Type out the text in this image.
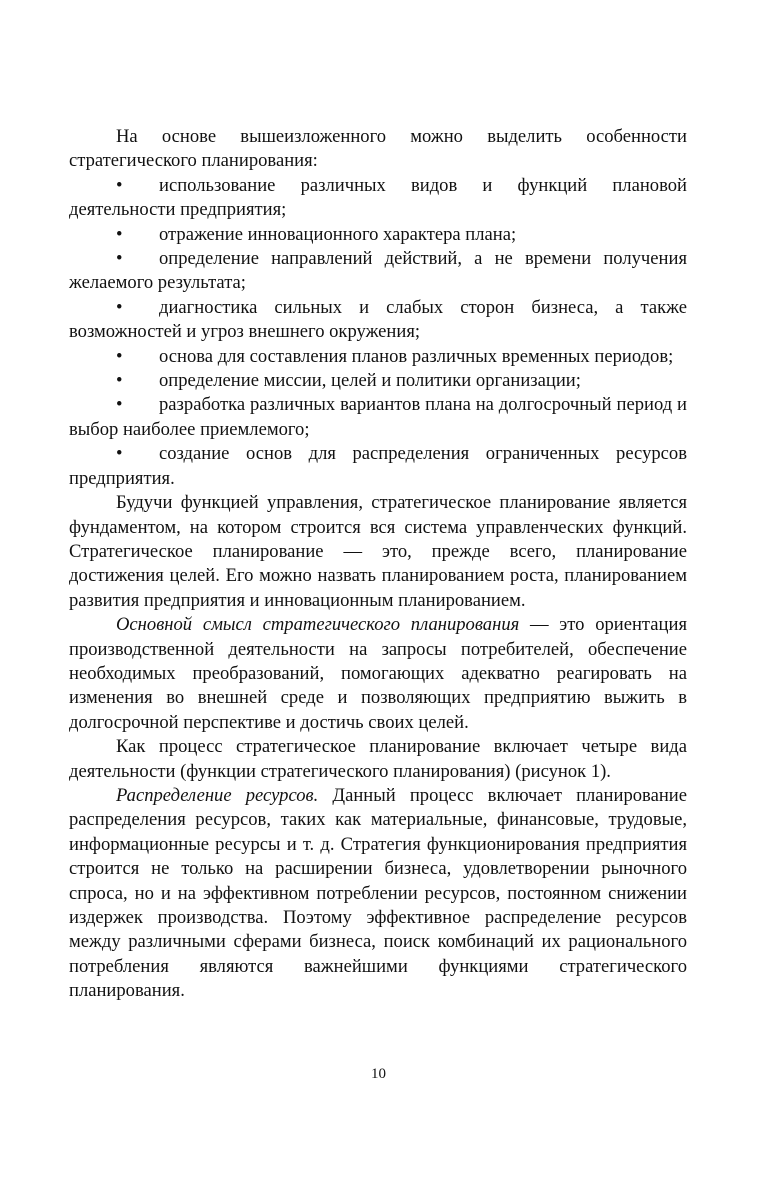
На основе вышеизложенного можно выделить особенности стратегического планирования:

• использование различных видов и функций плановой деятельности предприятия;

• отражение инновационного характера плана;

• определение направлений действий, а не времени получения желаемого результата;

• диагностика сильных и слабых сторон бизнеса, а также возможностей и угроз внешнего окружения;

• основа для составления планов различных временных периодов;

• определение миссии, целей и политики организации;

• разработка различных вариантов плана на долгосрочный период и выбор наиболее приемлемого;

• создание основ для распределения ограниченных ресурсов предприятия.

Будучи функцией управления, стратегическое планирование является фундаментом, на котором строится вся система управленческих функций. Стратегическое планирование — это, прежде всего, планирование достижения целей. Его можно назвать планированием роста, планированием развития предприятия и инновационным планированием.

Основной смысл стратегического планирования — это ориентация производственной деятельности на запросы потребителей, обеспечение необходимых преобразований, помогающих адекватно реагировать на изменения во внешней среде и позволяющих предприятию выжить в долгосрочной перспективе и достичь своих целей.

Как процесс стратегическое планирование включает четыре вида деятельности (функции стратегического планирования) (рисунок 1).

Распределение ресурсов. Данный процесс включает планирование распределения ресурсов, таких как материальные, финансовые, трудовые, информационные ресурсы и т. д. Стратегия функционирования предприятия строится не только на расширении бизнеса, удовлетворении рыночного спроса, но и на эффективном потреблении ресурсов, постоянном снижении издержек производства. Поэтому эффективное распределение ресурсов между различными сферами бизнеса, поиск комбинаций их рационального потребления являются важнейшими функциями стратегического планирования.

10
